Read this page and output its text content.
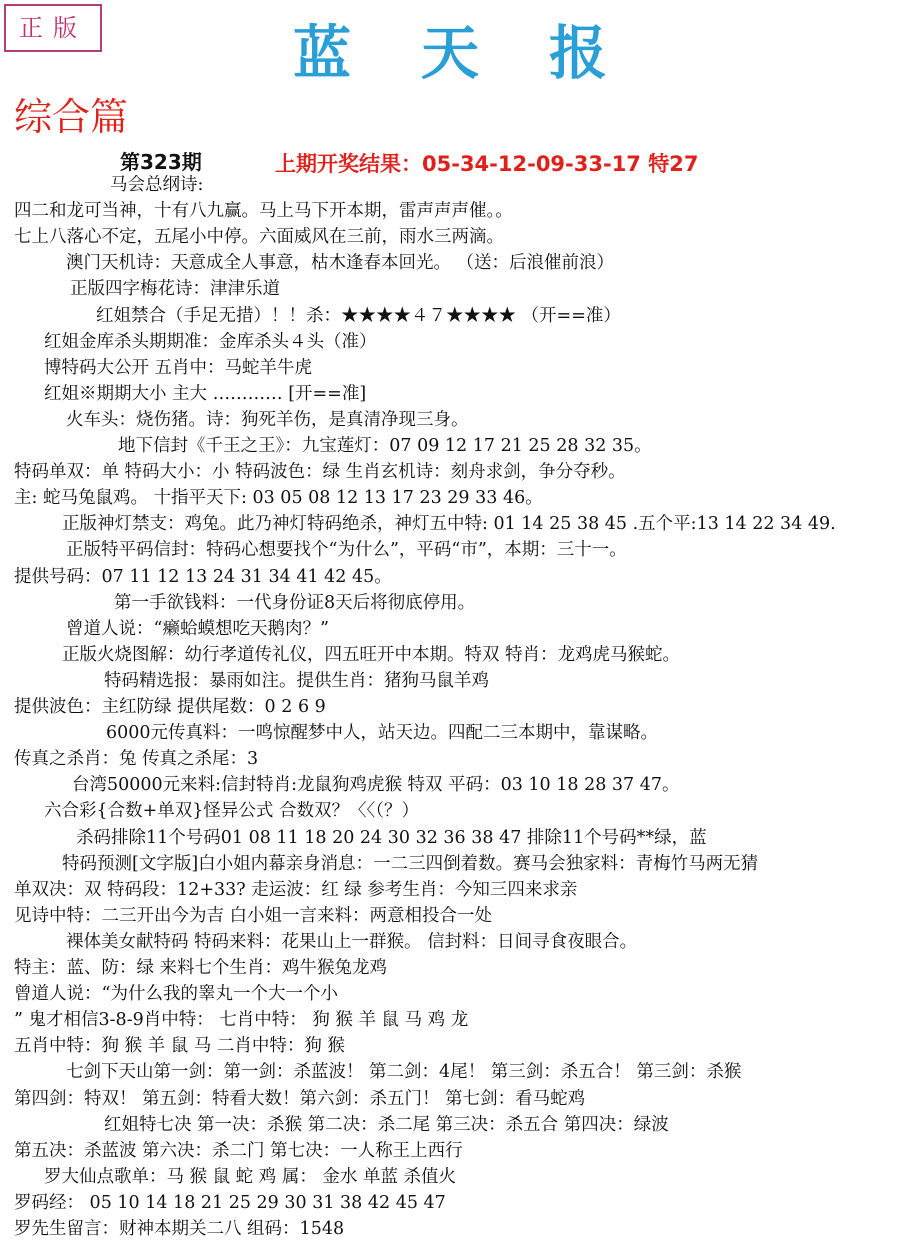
正版	蓝天报
综合篇
第323期	上期开奖结果：05-34-12-09-33-17 特27
马会总纲诗:
四二和龙可当神，十有八九赢。马上马下开本期，雷声声声催。。
七上八落心不定，五尾小中停。六面威风在三前，雨水三两滴。
澳门天机诗：天意成全人事意，枯木逢春本回光。 （送：后浪催前浪）
正版四字梅花诗：津津乐道
红姐禁合（手足无措）！！杀：★★★★４７★★★★ （开==准）
红姐金库杀头期期准：金库杀头４头（准）
博特码大公开 五肖中：马蛇羊牛虎
红姐※期期大小 主大 ………… [开==准]
火车头：烧伤猪。诗：狗死羊伤，是真清净现三身。
地下信封《千王之王》：九宝莲灯：07 09 12 17 21 25 28 32 35。
特码单双：单 特码大小：小 特码波色：绿 生肖玄机诗：刻舟求剑，争分夺秒。
主: 蛇马兔鼠鸡。 十指平天下: 03 05 08 12 13 17 23 29 33 46。
正版神灯禁支：鸡兔。此乃神灯特码绝杀，神灯五中特: 01 14 25 38 45 .五个平:13 14 22 34 49.
正版特平码信封：特码心想要找个“为什么”，平码“市”，本期：三十一。
提供号码：07 11 12 13 24 31 34 41 42 45。
第一手欲钱料：一代身份证8天后将彻底停用。
曾道人说：“癞蛤蟆想吃天鹅肉？”
正版火烧图解：幼行孝道传礼仪，四五旺开中本期。特双 特肖：龙鸡虎马猴蛇。
特码精选报：暴雨如注。提供生肖：猪狗马鼠羊鸡
提供波色：主红防绿 提供尾数：0 2 6 9
6000元传真料：一鸣惊醒梦中人，站天边。四配二三本期中，靠谋略。
传真之杀肖：兔 传真之杀尾：3
台湾50000元来料:信封特肖:龙鼠狗鸡虎猴 特双 平码：03 10 18 28 37 47。
六合彩{合数+单双}怪异公式 合数双？〈〈（？）
杀码排除11个号码01 08 11 18 20 24 30 32 36 38 47 排除11个号码**绿，蓝
特码预测[文字版]白小姐内幕亲身消息：一二三四倒着数。赛马会独家料：青梅竹马两无猜
单双决：双 特码段：12+33? 走运波：红 绿 参考生肖：今知三四来求亲
见诗中特：二三开出今为吉 白小姐一言来料：两意相投合一处
裸体美女献特码 特码来料：花果山上一群猴。 信封料：日间寻食夜眼合。
特主：蓝、防：绿 来料七个生肖：鸡牛猴兔龙鸡
曾道人说：“为什么我的睾丸一个大一个小
” 鬼才相信3-8-9肖中特： 七肖中特： 狗 猴 羊 鼠 马 鸡 龙
五肖中特：狗 猴 羊 鼠 马 二肖中特：狗 猴
七剑下天山第一剑：第一剑：杀蓝波！ 第二剑：4尾！ 第三剑：杀五合！ 第三剑：杀猴
第四剑：特双！ 第五剑：特看大数！第六剑：杀五门！ 第七剑：看马蛇鸡
红姐特七决 第一决：杀猴 第二决：杀二尾 第三决：杀五合 第四决：绿波
第五决：杀蓝波 第六决：杀二门 第七决：一人称王上西行
罗大仙点歌单：马 猴 鼠 蛇 鸡 属： 金水 单蓝 杀值火
罗码经： 05 10 14 18 21 25 29 30 31 38 42 45 47
罗先生留言：财神本期关二八 组码：1548
